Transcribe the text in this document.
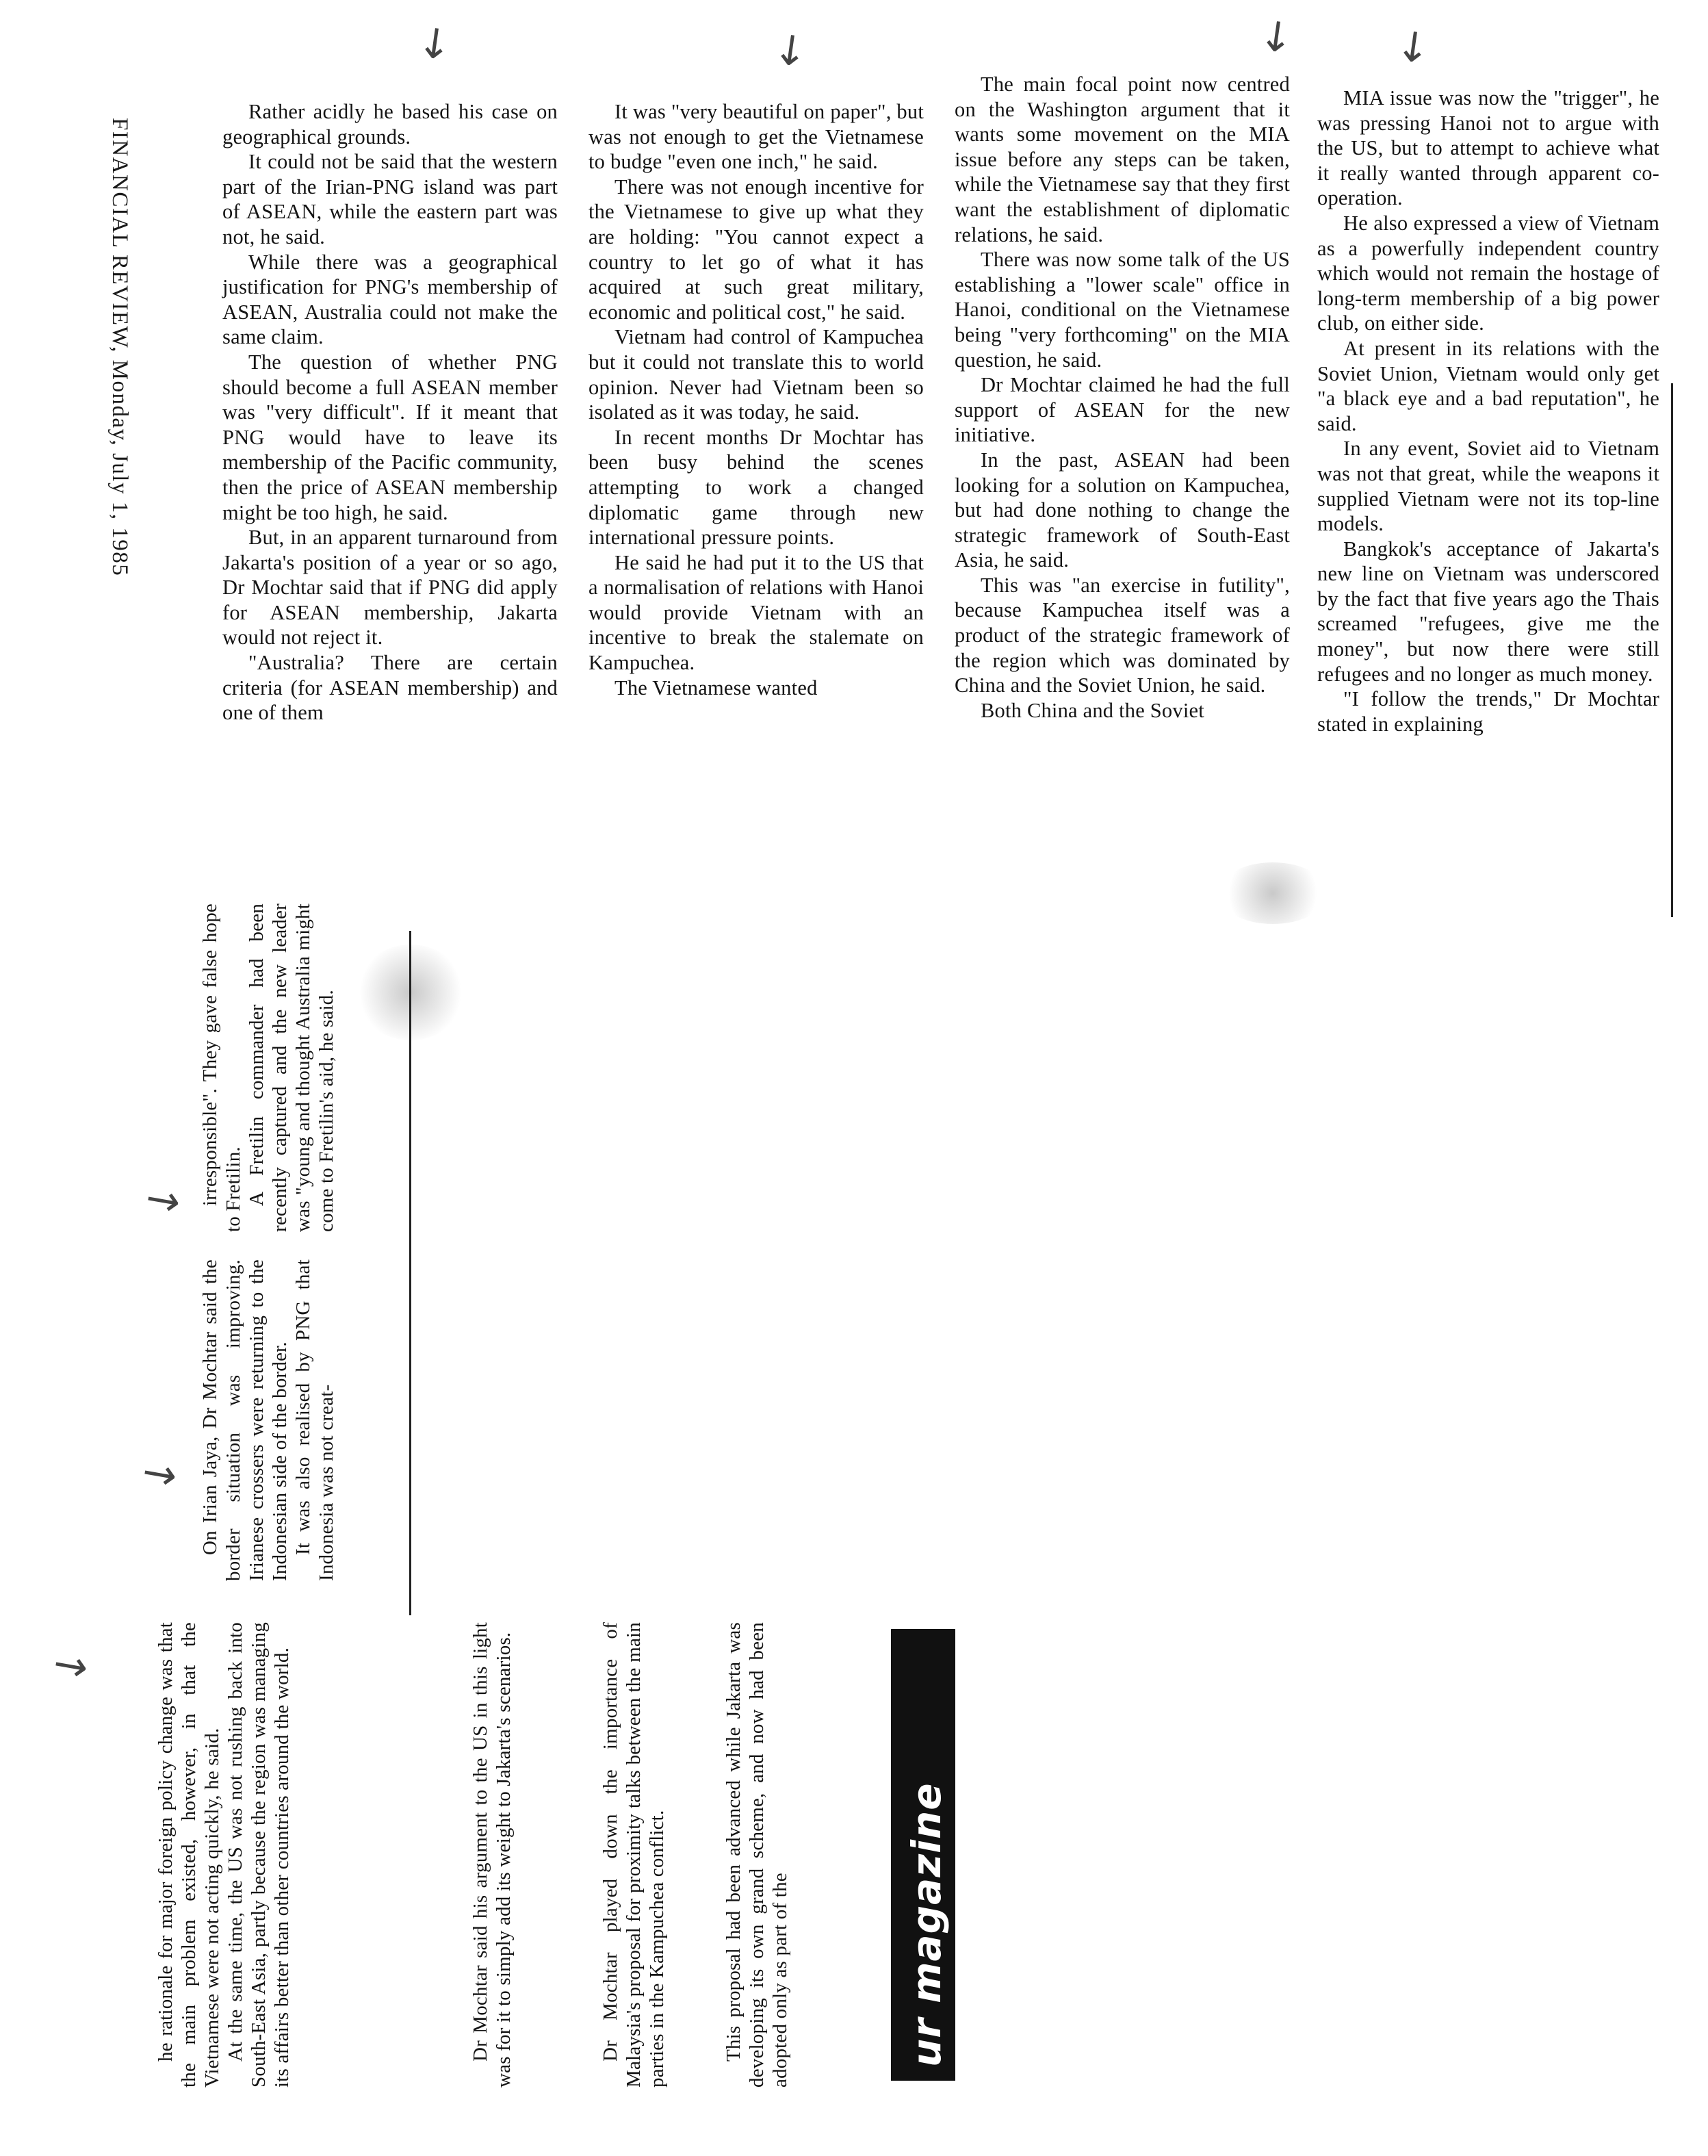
FINANCIAL REVIEW, Monday, July 1, 1985
↓	↓	↓ ↓
↓
↓
↓

Rather acidly he based his case on geographical grounds.

It could not be said that the western part of the Irian-PNG island was part of ASEAN, while the eastern part was not, he said.

While there was a geographical justification for PNG's membership of ASEAN, Australia could not make the same claim.

The question of whether PNG should become a full ASEAN member was "very difficult". If it meant that PNG would have to leave its membership of the Pacific community, then the price of ASEAN membership might be too high, he said.

But, in an apparent turnaround from Jakarta's position of a year or so ago, Dr Mochtar said that if PNG did apply for ASEAN membership, Jakarta would not reject it.

"Australia? There are certain criteria (for ASEAN membership) and one of them

It was "very beautiful on paper", but was not enough to get the Vietnamese to budge "even one inch," he said.

There was not enough incentive for the Vietnamese to give up what they are holding: "You cannot expect a country to let go of what it has acquired at such great military, economic and political cost," he said.

Vietnam had control of Kampuchea but it could not translate this to world opinion. Never had Vietnam been so isolated as it was today, he said.

In recent months Dr Mochtar has been busy behind the scenes attempting to work a changed diplomatic game through new international pressure points.

He said he had put it to the US that a normalisation of relations with Hanoi would provide Vietnam with an incentive to break the stalemate on Kampuchea.

The Vietnamese wanted

The main focal point now centred on the Washington argument that it wants some movement on the MIA issue before any steps can be taken, while the Vietnamese say that they first want the establishment of diplomatic relations, he said.

There was now some talk of the US establishing a "lower scale" office in Hanoi, conditional on the Vietnamese being "very forthcoming" on the MIA question, he said.

Dr Mochtar claimed he had the full support of ASEAN for the new initiative.

In the past, ASEAN had been looking for a solution on Kampuchea, but had done nothing to change the strategic framework of South-East Asia, he said.

This was "an exercise in futility", because Kampuchea itself was a product of the strategic framework of the region which was dominated by China and the Soviet Union, he said.

Both China and the Soviet

MIA issue was now the "trigger", he was pressing Hanoi not to argue with the US, but to attempt to achieve what it really wanted through apparent co-operation.

He also expressed a view of Vietnam as a powerfully independent country which would not remain the hostage of long-term membership of a big power club, on either side.

At present in its relations with the Soviet Union, Vietnam would only get "a black eye and a bad reputation", he said.

In any event, Soviet aid to Vietnam was not that great, while the weapons it supplied Vietnam were not its top-line models.

Bangkok's acceptance of Jakarta's new line on Vietnam was underscored by the fact that five years ago the Thais screamed "refugees, give me the money", but now there were still refugees and no longer as much money.

"I follow the trends," Dr Mochtar stated in explaining

irresponsible". They gave false hope to Fretilin. A Fretilin commander had been recently captured and the new leader was "young and thought Australia might come to Fretilin's aid, he said.

On Irian Jaya, Dr Mochtar said the border situation was improving. Irianese crossers were returning to the Indonesian side of the border. It was also realised by PNG that Indonesia was not creat-

he rationale for major foreign policy change was that the main problem existed, however, in that the Vietnamese were not acting quickly, he said. At the same time, the US was not rushing back into South-East Asia, partly because the region was managing its affairs better than other countries around the world.	Dr Mochtar said his argument to the US in this light was for it to simply add its weight to Jakarta's scenarios.	Dr Mochtar played down the importance of Malaysia's proposal for proximity talks between the main parties in the Kampuchea conflict.	This proposal had been advanced while Jakarta was developing its own grand scheme, and now had been adopted only as part of the	ur magazine
